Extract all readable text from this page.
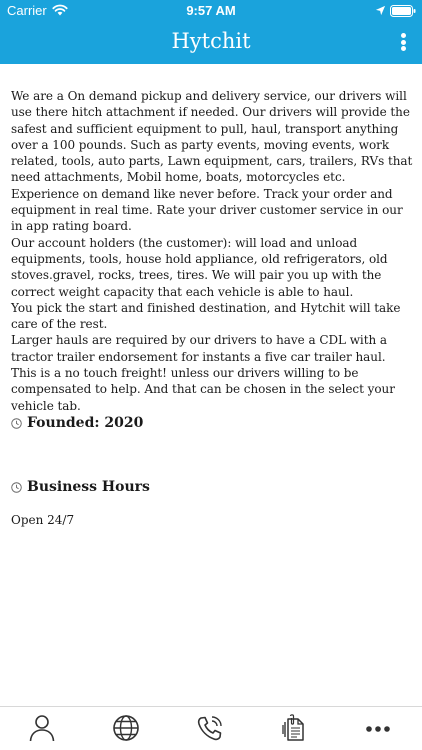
Carrier	9:57 AM
Hytchit

We are a On demand pickup and delivery service, our drivers will use there hitch attachment if needed. Our drivers will provide the safest and sufficient equipment to pull, haul, transport anything over a 100 pounds. Such as party events, moving events, work related, tools, auto parts, Lawn equipment, cars, trailers, RVs that need attachments, Mobil home, boats, motorcycles etc.

Experience on demand like never before. Track your order and equipment in real time. Rate your driver customer service in our in app rating board.

Our account holders (the customer): will load and unload equipments, tools, house hold appliance, old refrigerators, old stoves.gravel, rocks, trees, tires. We will pair you up with the correct weight capacity that each vehicle is able to haul.

You pick the start and finished destination, and Hytchit will take care of the rest.

Larger hauls are required by our drivers to have a CDL with a tractor trailer endorsement for instants a five car trailer haul.

This is a no touch freight! unless our drivers willing to be compensated to help. And that can be chosen in the select your vehicle tab.

Founded: 2020
Business Hours
Open 24/7
